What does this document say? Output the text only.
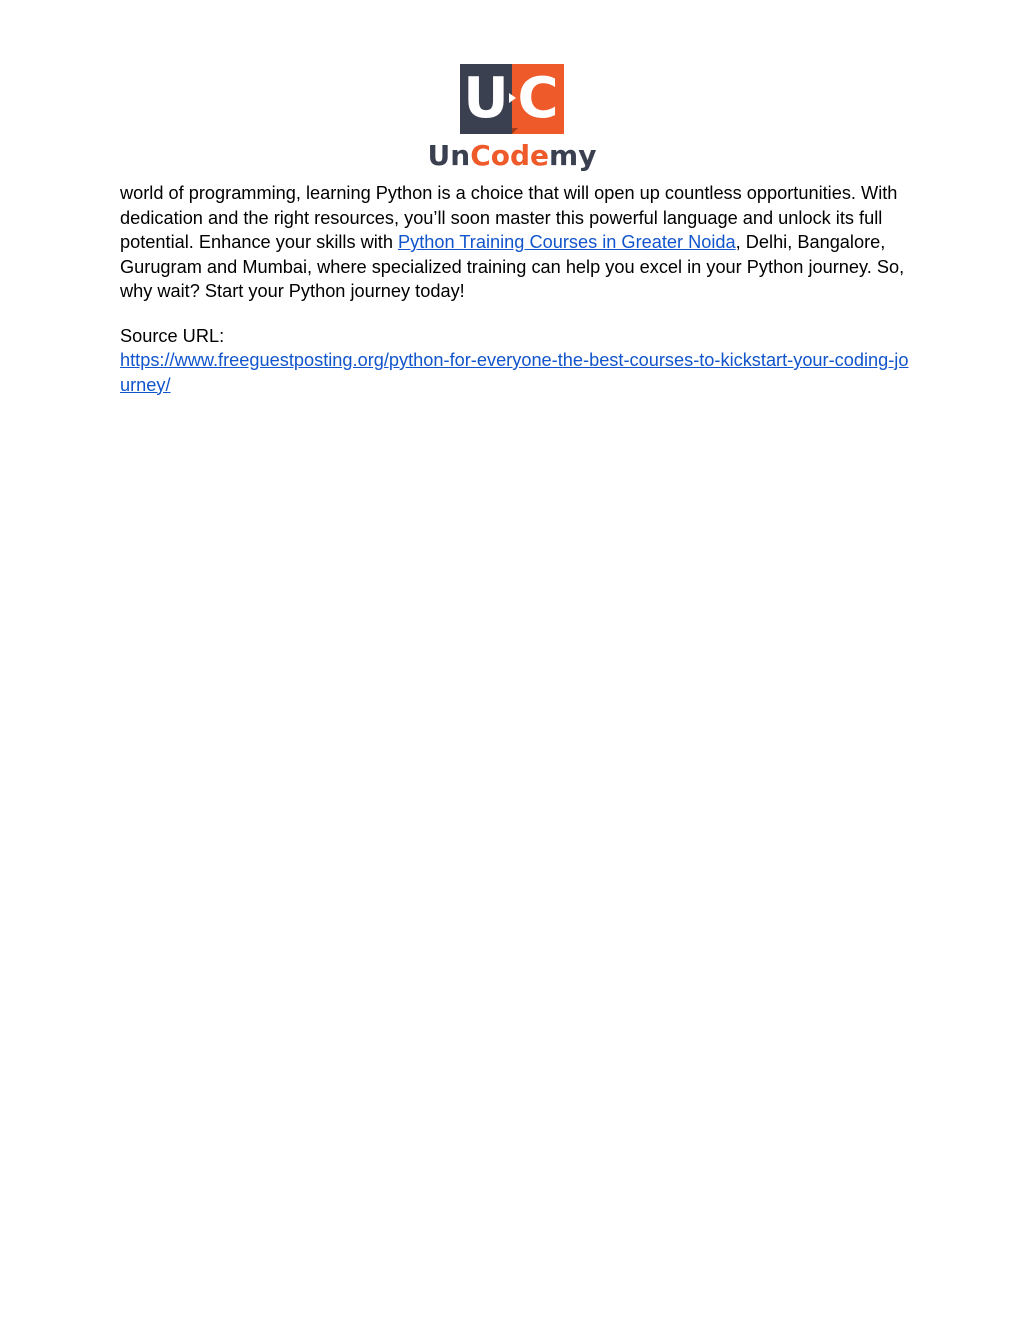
U C
UnCodemy

world of programming, learning Python is a choice that will open up countless opportunities. With dedication and the right resources, you’ll soon master this powerful language and unlock its full potential. Enhance your skills with Python Training Courses in Greater Noida, Delhi, Bangalore, Gurugram and Mumbai, where specialized training can help you excel in your Python journey. So, why wait? Start your Python journey today!

Source URL:
https://www.freeguestposting.org/python-for-everyone-the-best-courses-to-kickstart-your-coding-journey/
